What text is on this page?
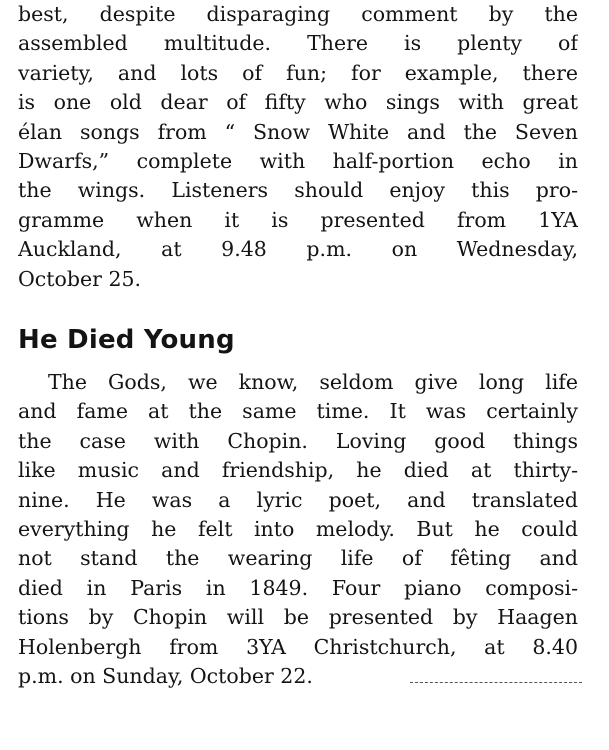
best, despite disparaging comment by the
assembled multitude. There is plenty of
variety, and lots of fun; for example, there
is one old dear of fifty who sings with great
élan songs from “ Snow White and the Seven
Dwarfs,” complete with half-portion echo in
the wings. Listeners should enjoy this pro-
gramme when it is presented from 1YA
Auckland, at 9.48 p.m. on Wednesday,
October 25.

He Died Young

The Gods, we know, seldom give long life
and fame at the same time. It was certainly
the case with Chopin. Loving good things
like music and friendship, he died at thirty-
nine. He was a lyric poet, and translated
everything he felt into melody. But he could
not stand the wearing life of fêting and
died in Paris in 1849. Four piano composi-
tions by Chopin will be presented by Haagen
Holenbergh from 3YA Christchurch, at 8.40
p.m. on Sunday, October 22.
